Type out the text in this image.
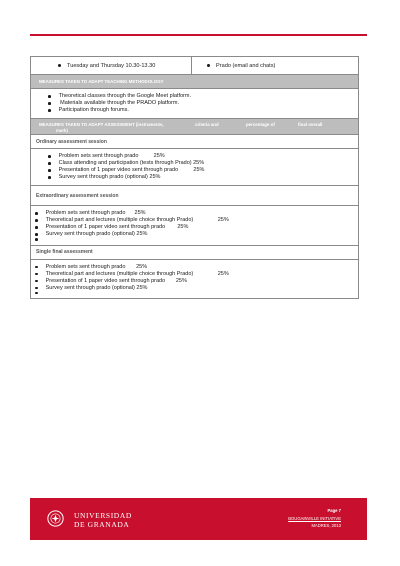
Tuesday and Thursday 10.30-13.30	Prado (email and chats)
MEASURES TAKEN TO ADAPT TEACHING METHODOLOGY
Theoretical classes through the Google Meet platform.
Materials available through the PRADO platform.
Participation through forums.
MEASURES TAKEN TO ADAPT ASSESSMENT (instruments,	criteria and	percentage of	final overall
mark)
Ordinary assessment session
Problem sets sent through prado          25%
Class attending and participation (tests through Prado) 25%
Presentation of 1 paper video sent through prado          25%
Survey sent through prado (optional) 25%
Extraordinary assessment session
Problem sets sent through prado      25%
Theoretical part and lectures (multiple choice through Prado)                25%
Presentation of 1 paper video sent through prado        25%
Survey sent through prado (optional) 25%
Single final assessment
Problem sets sent through prado       25%
Theoretical part and lectures (multiple choice through Prado)                25%
Presentation of 1 paper video sent through prado       25%
Survey sent through prado (optional) 25%
UNIVERSIDAD
DE GRANADA
Page 7
BOUGAINVILLE INITIATIVE
MADRES, 2013
